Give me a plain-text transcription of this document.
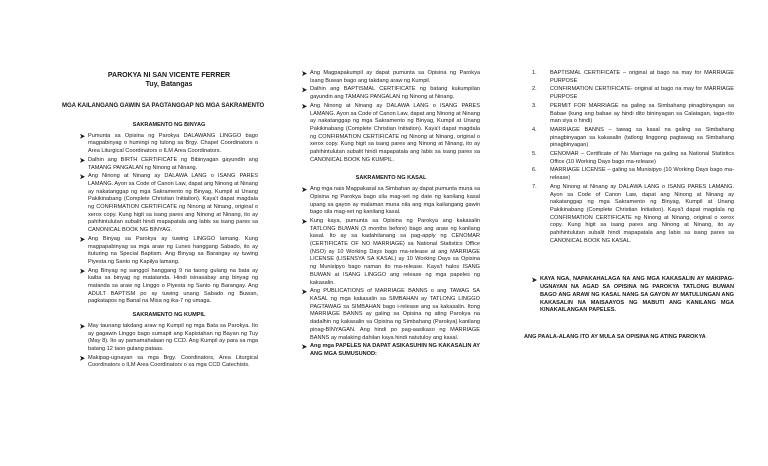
PAROKYA NI SAN VICENTE FERRER
Tuy, Batangas
MGA KAILANGANG GAWIN SA PAGTANGGAP NG MGA SAKRAMENTO
SAKRAMENTO NG BINYAG
Pumunta sa Opisina ng Parokya DALAWANG LINGGO bago magpabinyag o humingi ng tulong sa Brgy. Chapel Coordinators o Area Liturgical Coordinators o ILM Area Coordinators.
Dalhin ang BIRTH CERTIFICATE ng Bibinyagan gayundin ang TAMANG PANGALAN ng Ninong at Ninang.
Ang Ninong at Ninang ay DALAWA LANG o ISANG PARES LAMANG. Ayon sa Code of Canon Law, dapat ang Ninong at Ninang ay nakatanggap ng mga Sakramento ng Binyag, Kumpil at Unang Pakikinabang (Complete Christian Initiation). Kaya't dapat magdala ng CONFIRMATION CERTIFICATE ng Ninong at Ninang, original o xerox copy. Kung higit sa isang pares ang Ninong at Ninang, ito ay pahihintulutan subalit hindi mapapatala ang labis sa isang pares sa CANONICAL BOOK NG BINYAG.
Ang Binyag sa Parokya ay tuwing LINGGO lamang. Kung magpapabinyag sa mga araw ng Lunes hanggang Sabado, ito ay ituturing na Special Baptism. Ang Binyag sa Barangay ay tuwing Piyesta ng Santo ng Kapilya lamang.
Ang Binyag ng sanggol hanggang 9 na taong gulang na bata ay kaiba sa binyag ng matatanda. Hindi isinasabay ang binyag ng matanda sa araw ng Linggo o Piyesta ng Santo ng Barangay. Ang ADULT BAPTISM po ay tuwing unang Sabado ng Buwan, pagkatapos ng Banal na Misa ng ika-7 ng umaga.
SAKRAMENTO NG KUMPIL
May taunang takdang araw ng Kumpil ng mga Bata sa Parokya. Ito ay gagawin Linggo bago sumapit ang Kapistahan ng Bayan ng Tuy (May 8). Ito ay pamamahalaan ng CCD. Ang Kumpil ay para sa mga batang 12 taon gulang pataas.
Makipag-ugnayan sa mga Brgy. Coordinators, Area Liturgical Coordinators o ILM Area Coordinators o sa mga CCD Catechists.
Ang Magpapakumpil ay dapat pumunta sa Opisina ng Parokya Isang Buwan bago ang takdang araw ng Kumpil.
Dalhin ang BAPTISMAL CERTIFICATE ng batang kukumpilan gayundin ang TAMANG PANGALAN ng Ninong at Ninang.
Ang Ninong at Ninang ay DALAWA LANG o ISANG PARES LAMANG. Ayon sa Code of Canon Law, dapat ang Ninong at Ninang ay nakatanggap ng mga Sakramento ng Binyag, Kumpil at Unang Pakikinabang (Complete Christian Initiation). Kaya't dapat magdala ng CONFIRMATION CERTIFICATE ng Ninong at Ninang, original o xerox copy. Kung higit sa isang pares ang Ninong at Ninang, ito ay pahihintulutan subalit hindi mapapatala ang labis sa isang pares sa CANONICAL BOOK NG KUMPIL.
SAKRAMENTO NG KASAL
Ang mga nais Magpakasal sa Simbahan ay dapat pumunta muna sa Opisina ng Parokya bago sila mag-set ng date ng kanilang kasal upang sa gayon ay malaman muna nila ang mga kailangang gawin bago sila mag-set ng kanilang kasal.
Kung kaya, pumunta sa Opisina ng Parokya ang kakasalin TATLONG BUWAN (3 months before) bago ang araw ng kanilang kasal. Ito ay sa kadahilanang sa pag-apply ng CENOMAR (CERTIFICATE OF NO MARRIAGE) sa National Statistics Office (NSO) ay 10 Working Days bago ma-release at ang MARRIAGE LICENSE (LISENSYA SA KASAL) ay 10 Working Days sa Opisina ng Munisipyo bago naman ito ma-release. Kaya't halos ISANG BUWAN at ISANG LINGGO ang release ng mga papeles ng kakasalin.
Ang PUBLICATIONS of MARRIAGE BANNS o ang TAWAG SA KASAL ng mga kakasalin sa SIMBAHAN ay TATLONG LINGGO PAGTAWAG sa SIMBAHAN bago i-release ang sa kakasalin. Itong MARRIAGE BANNS ay galing sa Opisina ng ating Parokya na dadalhin ng kakasalin sa Opisina ng Simbahang (Parokya) kanilang pinag-BINYAGAN. Ang hindi po pag-aasikaso ng MARRIAGE BANNS ay malaking dahilan kaya hindi natutuloy ang kasal.
Ang mga PAPELES NA DAPAT ASIKASUHIN NG KAKASALIN AY ANG MGA SUMUSUNOD:
1. BAPTISMAL CERTIFICATE – original at bago na may for MARRIAGE PURPOSE
2. CONFIRMATION CERTIFICATE- original at bago na may for MARRIAGE PURPOSE
3. PERMIT FOR MARRIAGE na galing sa Simbahang pinagbinyagan sa Babae (kung ang babae ay hindi dito bininyagan sa Calatagan, taga-rito man siya o hindi)
4. MARRIAGE BANNS – tawag sa kasal na galing sa Simbahang pinagbinyagan sa kakasalin (tatlong linggong pagtawag sa Simbahang pinagbinyagan)
5. CENOMAR – Certificate of No Marriage na galing sa National Statistics Office (10 Working Days bago ma-release)
6. MARRIAGE LICENSE – galing sa Munisipyo (10 Working Days bago ma-release)
7. Ang Ninong at Ninang ay DALAWA LANG o ISANG PARES LAMANG. Ayon sa Code of Canon Law, dapat ang Ninong at Ninang ay nakatanggap ng mga Sakramento ng Binyag, Kumpil at Unang Pakikinabang (Complete Christian Initiation). Kaya't dapat magdala ng CONFIRMATION CERTIFICATE ng Ninong at Ninang, original o xerox copy. Kung higit sa isang pares ang Ninong at Ninang, ito ay pahihintulutan subalit hindi mapapatala ang labis sa isang pares sa CANONICAL BOOK NG KASAL.
KAYA NGA, NAPAKAHALAGA NA ANG MGA KAKASALIN AY MAKIPAG-UGNAYAN NA AGAD SA OPISINA NG PAROKYA TATLONG BUWAN BAGO ANG ARAW NG KASAL NANG SA GAYON AY MATULUNGAN ANG KAKASALIN NA MAISAAYOS NG MABUTI ANG KANILANG MGA KINAKAILANGAN PAPELES.
ANG PAALA-ALANG ITO AY MULA SA OPISINA NG ATING PAROKYA
